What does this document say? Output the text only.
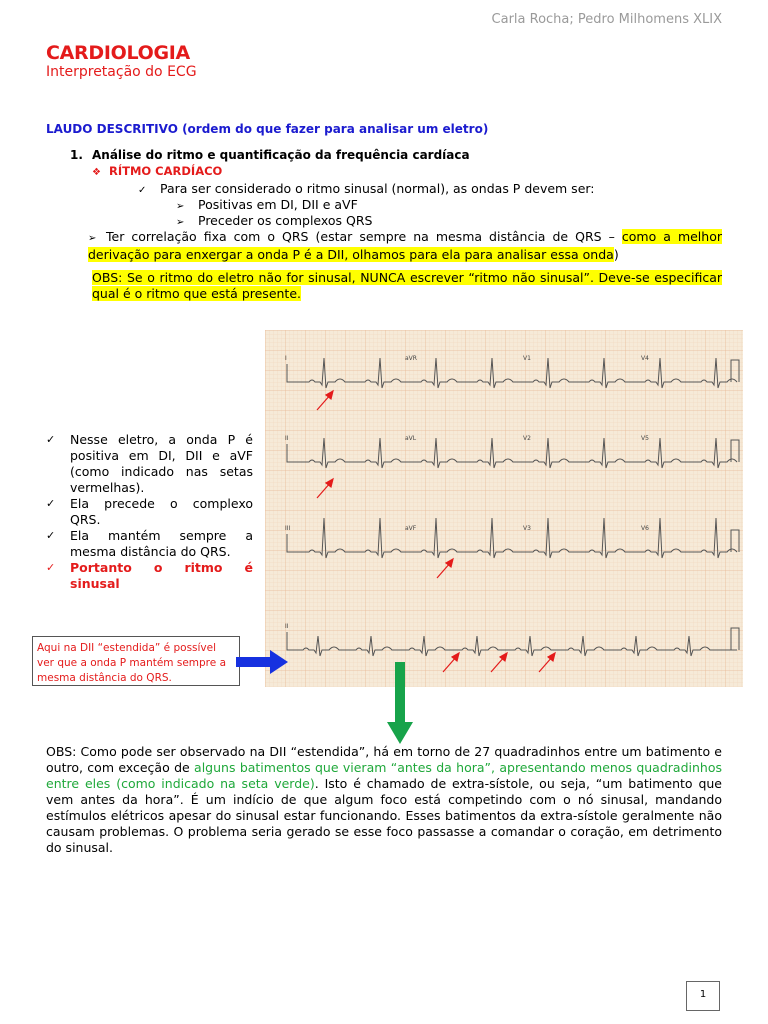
Carla Rocha; Pedro Milhomens XLIX
CARDIOLOGIA
Interpretação do ECG
LAUDO DESCRITIVO (ordem do que fazer para analisar um eletro)
1. Análise do ritmo e quantificação da frequência cardíaca
❖ RÍTMO CARDÍACO
✓ Para ser considerado o ritmo sinusal (normal), as ondas P devem ser:
➢ Positivas em DI, DII e aVF
➢ Preceder os complexos QRS
➢ Ter correlação fixa com o QRS (estar sempre na mesma distância de QRS – como a melhor derivação para enxergar a onda P é a DII, olhamos para ela para analisar essa onda)
OBS: Se o ritmo do eletro não for sinusal, NUNCA escrever “ritmo não sinusal”. Deve-se especificar qual é o ritmo que está presente.
I	aVR	V1	V4
II	aVL	V2	V5
III	aVF	V3	V6
II
✓ Nesse eletro, a onda P é positiva em DI, DII e aVF (como indicado nas setas vermelhas).
✓ Ela precede o complexo QRS.
✓ Ela mantém sempre a mesma distância do QRS.
✓ Portanto o ritmo é sinusal
Aqui na DII “estendida” é possível ver que a onda P mantém sempre a mesma distância do QRS.
OBS: Como pode ser observado na DII “estendida”, há em torno de 27 quadradinhos entre um batimento e outro, com exceção de alguns batimentos que vieram “antes da hora”, apresentando menos quadradinhos entre eles (como indicado na seta verde). Isto é chamado de extra-sístole, ou seja, “um batimento que vem antes da hora”. É um indício de que algum foco está competindo com o nó sinusal, mandando estímulos elétricos apesar do sinusal estar funcionando. Esses batimentos da extra-sístole geralmente não causam problemas. O problema seria gerado se esse foco passasse a comandar o coração, em detrimento do sinusal.
1
